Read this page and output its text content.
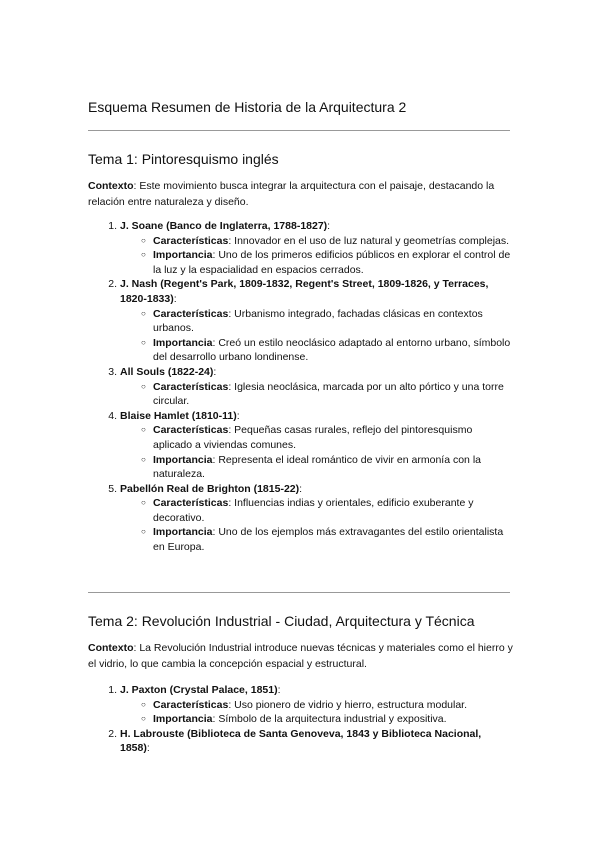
Esquema Resumen de Historia de la Arquitectura 2
Tema 1: Pintoresquismo inglés

Contexto: Este movimiento busca integrar la arquitectura con el paisaje, destacando la relación entre naturaleza y diseño.

1. J. Soane (Banco de Inglaterra, 1788-1827):
○ Características: Innovador en el uso de luz natural y geometrías complejas.
○ Importancia: Uno de los primeros edificios públicos en explorar el control de la luz y la espacialidad en espacios cerrados.
2. J. Nash (Regent's Park, 1809-1832, Regent's Street, 1809-1826, y Terraces, 1820-1833):
○ Características: Urbanismo integrado, fachadas clásicas en contextos urbanos.
○ Importancia: Creó un estilo neoclásico adaptado al entorno urbano, símbolo del desarrollo urbano londinense.
3. All Souls (1822-24):
○ Características: Iglesia neoclásica, marcada por un alto pórtico y una torre circular.
4. Blaise Hamlet (1810-11):
○ Características: Pequeñas casas rurales, reflejo del pintoresquismo aplicado a viviendas comunes.
○ Importancia: Representa el ideal romántico de vivir en armonía con la naturaleza.
5. Pabellón Real de Brighton (1815-22):
○ Características: Influencias indias y orientales, edificio exuberante y decorativo.
○ Importancia: Uno de los ejemplos más extravagantes del estilo orientalista en Europa.
Tema 2: Revolución Industrial - Ciudad, Arquitectura y Técnica

Contexto: La Revolución Industrial introduce nuevas técnicas y materiales como el hierro y el vidrio, lo que cambia la concepción espacial y estructural.

1. J. Paxton (Crystal Palace, 1851):
○ Características: Uso pionero de vidrio y hierro, estructura modular.
○ Importancia: Símbolo de la arquitectura industrial y expositiva.
2. H. Labrouste (Biblioteca de Santa Genoveva, 1843 y Biblioteca Nacional, 1858):
